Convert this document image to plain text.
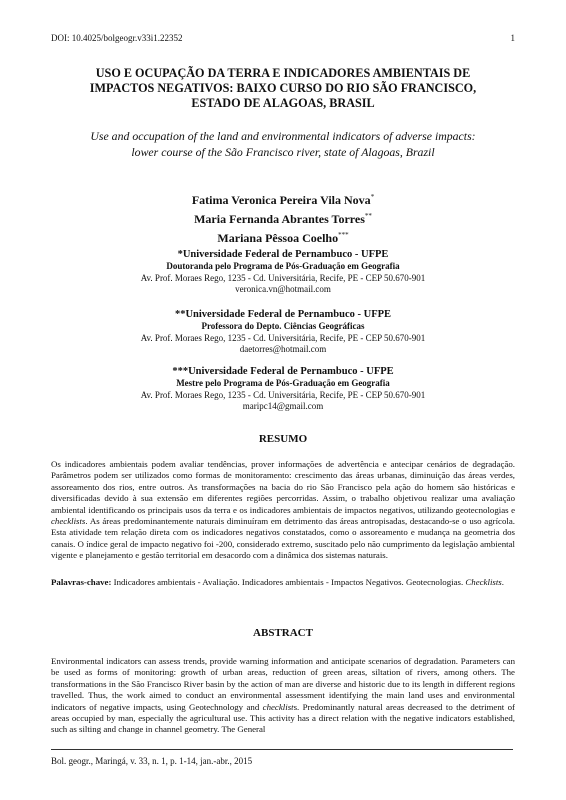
DOI: 10.4025/bolgeogr.v33i1.22352	1
USO E OCUPAÇÃO DA TERRA E INDICADORES AMBIENTAIS DE
IMPACTOS NEGATIVOS: BAIXO CURSO DO RIO SÃO FRANCISCO,
ESTADO DE ALAGOAS, BRASIL
Use and occupation of the land and environmental indicators of adverse impacts:
lower course of the São Francisco river, state of Alagoas, Brazil
Fatima Veronica Pereira Vila Nova*
Maria Fernanda Abrantes Torres**
Mariana Pêssoa Coelho***
*Universidade Federal de Pernambuco - UFPE
Doutoranda pelo Programa de Pós-Graduação em Geografia
Av. Prof. Moraes Rego, 1235 - Cd. Universitária, Recife, PE - CEP 50.670-901
veronica.vn@hotmail.com
**Universidade Federal de Pernambuco - UFPE
Professora do Depto. Ciências Geográficas
Av. Prof. Moraes Rego, 1235 - Cd. Universitária, Recife, PE - CEP 50.670-901
daetorres@hotmail.com
***Universidade Federal de Pernambuco - UFPE
Mestre pelo Programa de Pós-Graduação em Geografia
Av. Prof. Moraes Rego, 1235 - Cd. Universitária, Recife, PE - CEP 50.670-901
maripc14@gmail.com
RESUMO
Os indicadores ambientais podem avaliar tendências, prover informações de advertência e antecipar cenários de degradação. Parâmetros podem ser utilizados como formas de monitoramento: crescimento das áreas urbanas, diminuição das áreas verdes, assoreamento dos rios, entre outros. As transformações na bacia do rio São Francisco pela ação do homem são históricas e diversificadas devido à sua extensão em diferentes regiões percorridas. Assim, o trabalho objetivou realizar uma avaliação ambiental identificando os principais usos da terra e os indicadores ambientais de impactos negativos, utilizando geotecnologias e checklists. As áreas predominantemente naturais diminuíram em detrimento das áreas antropisadas, destacando-se o uso agrícola. Esta atividade tem relação direta com os indicadores negativos constatados, como o assoreamento e mudança na geometria dos canais. O índice geral de impacto negativo foi -200, considerado extremo, suscitado pelo não cumprimento da legislação ambiental vigente e planejamento e gestão territorial em desacordo com a dinâmica dos sistemas naturais.
Palavras-chave: Indicadores ambientais - Avaliação. Indicadores ambientais - Impactos Negativos. Geotecnologias. Checklists.
ABSTRACT
Environmental indicators can assess trends, provide warning information and anticipate scenarios of degradation. Parameters can be used as forms of monitoring: growth of urban areas, reduction of green areas, siltation of rivers, among others. The transformations in the São Francisco River basin by the action of man are diverse and historic due to its length in different regions travelled. Thus, the work aimed to conduct an environmental assessment identifying the main land uses and environmental indicators of negative impacts, using Geotechnology and checklists. Predominantly natural areas decreased to the detriment of areas occupied by man, especially the agricultural use. This activity has a direct relation with the negative indicators established, such as silting and change in channel geometry. The General
Bol. geogr., Maringá, v. 33, n. 1, p. 1-14, jan.-abr., 2015
